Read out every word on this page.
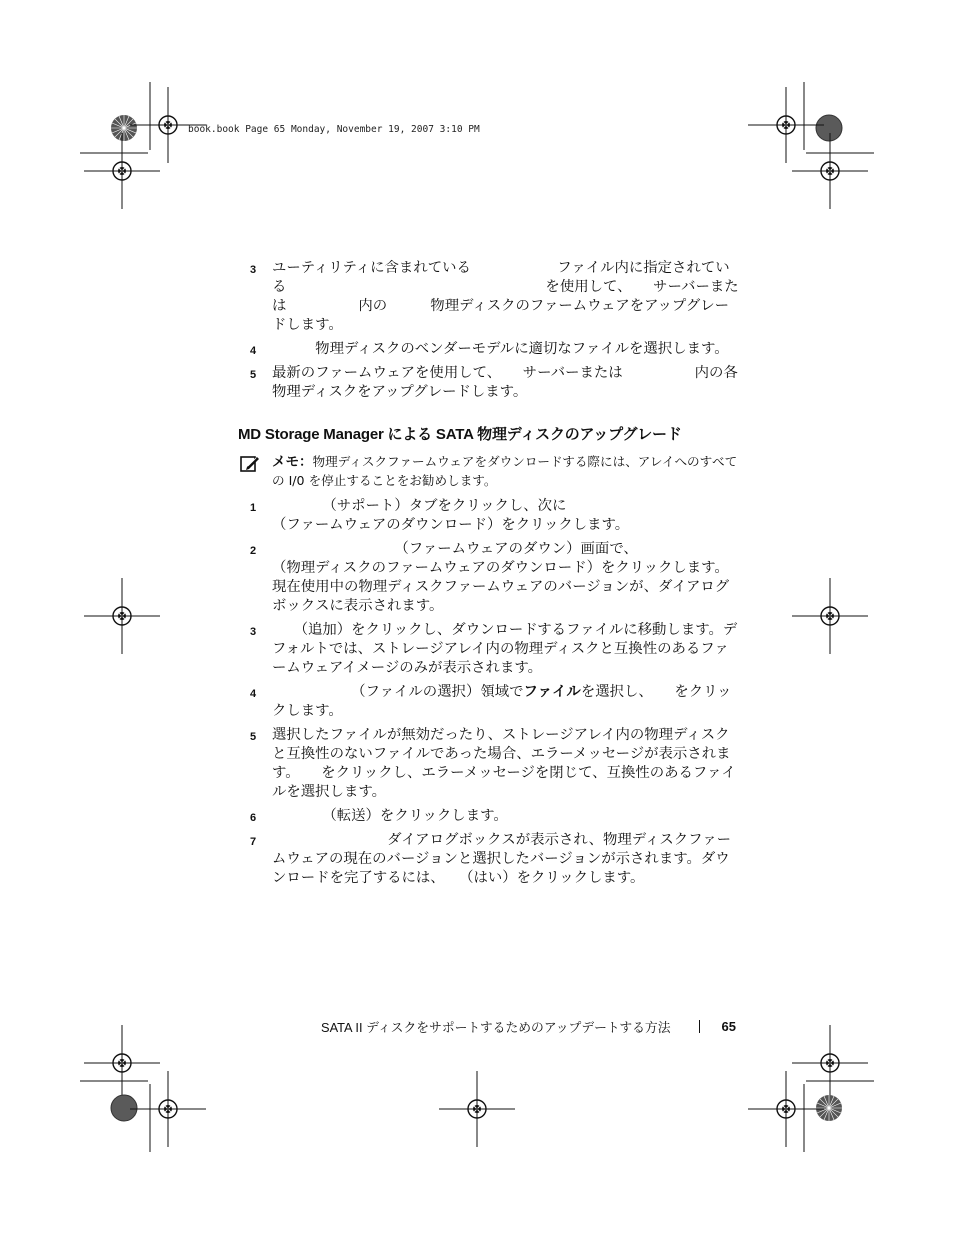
book.book Page 65 Monday, November 19, 2007 3:10 PM
3 ユーティリティに含まれている　　　　　　ファイル内に指定されている　　　　　　　　　　　　　　　　　　を使用して、　　サーバーまたは　　　　　内の　　　物理ディスクのファームウェアをアップグレードします。
4 　　　物理ディスクのベンダーモデルに適切なファイルを選択します。
5 最新のファームウェアを使用して、　　サーバーまたは　　　　　内の各　　　物理ディスクをアップグレードします。
MD Storage Manager による SATA 物理ディスクのアップグレード
メモ：物理ディスクファームウェアをダウンロードする際には、アレイへのすべての I/0 を停止することをお勧めします。
1 　　　　（サポート）タブをクリックし、次に　　　　　　　　　　　　　　　（ファームウェアのダウンロード）をクリックします。
2 　　　　　　　　　（ファームウェアのダウン）画面で、　　　　　　　　　　　　　　　　　（物理ディスクのファームウェアのダウンロード）をクリックします。現在使用中の物理ディスクファームウェアのバージョンが、ダイアログボックスに表示されます。
3 　　（追加）をクリックし、ダウンロードするファイルに移動します。デフォルトでは、ストレージアレイ内の物理ディスクと互換性のあるファームウェアイメージのみが表示されます。
4 　　　　　　（ファイルの選択）領域でファイルを選択し、　　をクリックします。
5 選択したファイルが無効だったり、ストレージアレイ内の物理ディスクと互換性のないファイルであった場合、エラーメッセージが表示されます。　　をクリックし、エラーメッセージを閉じて、互換性のあるファイルを選択します。
6 　　　　（転送）をクリックします。
7 　　　　　　　　ダイアログボックスが表示され、物理ディスクファームウェアの現在のバージョンと選択したバージョンが示されます。ダウンロードを完了するには、　　（はい）をクリックします。
SATA II ディスクをサポートするためのアップデートする方法	65
